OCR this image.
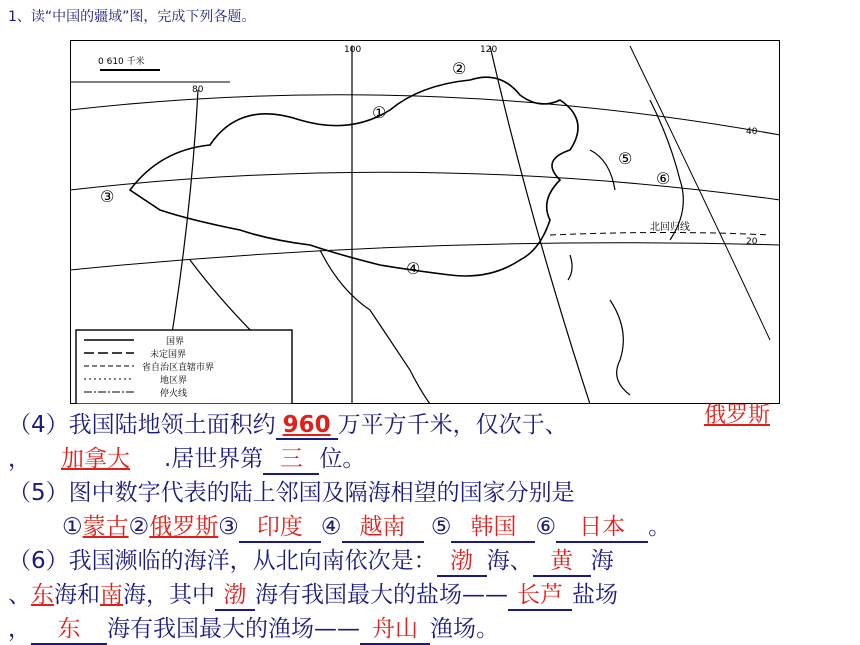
1、读“中国的疆域”图，完成下列各题。
0 610 千米
80
100	120
40
北回归线
20
①
②
③
④
⑤
⑥
国界
未定国界
省自治区直辖市界
地区界
停火线
（4）我国陆地领土面积约 960 万平方千米，仅次于、	俄罗斯
， 加拿大 .居世界第 三 位。
（5）图中数字代表的陆上邻国及隔海相望的国家分别是
①蒙古②俄罗斯③ 印度 ④ 越南 ⑤ 韩国 ⑥ 日本 。
（6）我国濒临的海洋，从北向南依次是： 渤 海、 黄 海
、东海和南海，其中 渤 海有我国最大的盐场—— 长芦 盐场
， 东 海有我国最大的渔场—— 舟山 渔场。
